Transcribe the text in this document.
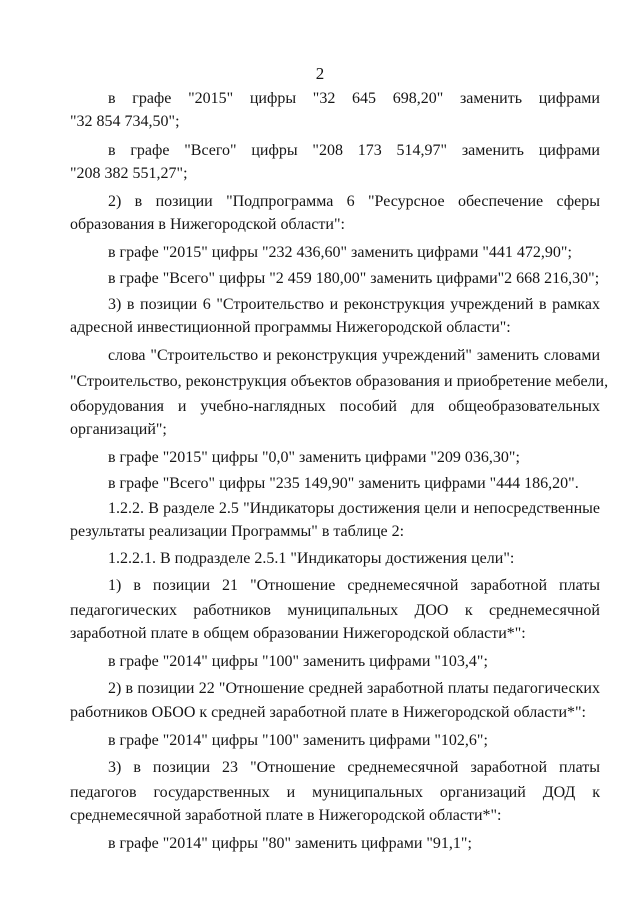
2
в графе "2015" цифры "32 645 698,20" заменить цифрами
"32 854 734,50";
в графе "Всего" цифры "208 173 514,97" заменить цифрами
"208 382 551,27";
2) в позиции "Подпрограмма 6 "Ресурсное обеспечение сферы
образования в Нижегородской области":
в графе "2015" цифры "232 436,60" заменить цифрами "441 472,90";
в графе "Всего" цифры "2 459 180,00" заменить цифрами"2 668 216,30";
3) в позиции 6 "Строительство и реконструкция учреждений в рамках
адресной инвестиционной программы Нижегородской области":
слова "Строительство и реконструкция учреждений" заменить словами
"Строительство, реконструкция объектов образования и приобретение мебели,
оборудования и учебно-наглядных пособий для общеобразовательных
организаций";
в графе "2015" цифры "0,0" заменить цифрами "209 036,30";
в графе "Всего" цифры "235 149,90" заменить цифрами "444 186,20".
1.2.2. В разделе 2.5 "Индикаторы достижения цели и непосредственные
результаты реализации Программы" в таблице 2:
1.2.2.1. В подразделе 2.5.1 "Индикаторы достижения цели":
1) в позиции 21 "Отношение среднемесячной заработной платы
педагогических работников муниципальных ДОО к среднемесячной
заработной плате в общем образовании Нижегородской области*":
в графе "2014" цифры "100" заменить цифрами "103,4";
2) в позиции 22 "Отношение средней заработной платы педагогических
работников ОБОО к средней заработной плате в Нижегородской области*":
в графе "2014" цифры "100" заменить цифрами "102,6";
3) в позиции 23 "Отношение среднемесячной заработной платы
педагогов государственных и муниципальных организаций ДОД к
среднемесячной заработной плате в Нижегородской области*":
в графе "2014" цифры "80" заменить цифрами "91,1";
